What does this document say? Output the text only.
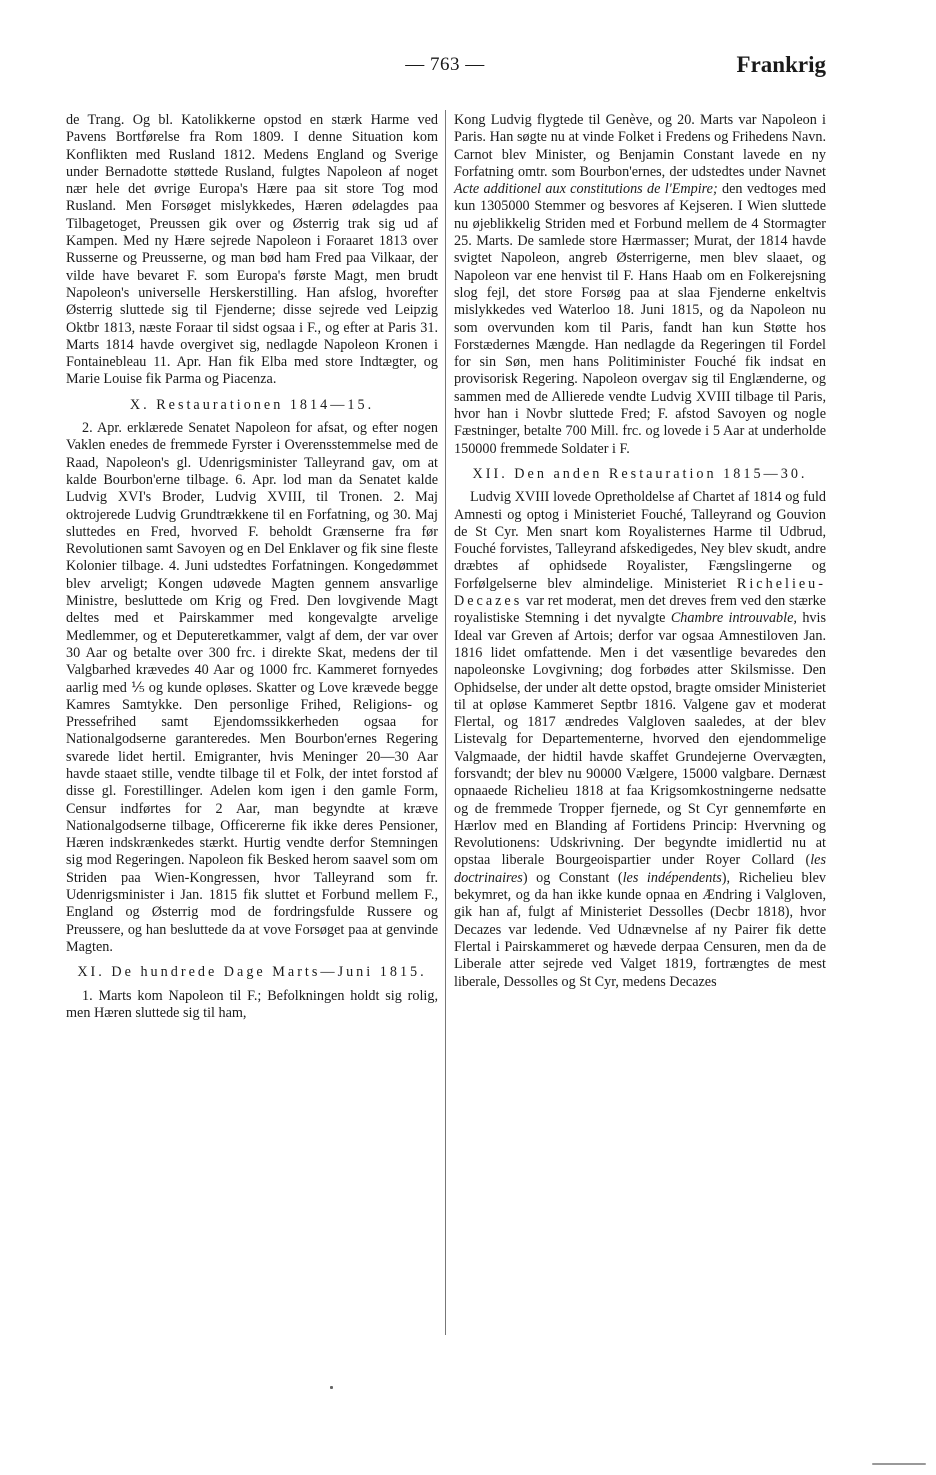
— 763 —	Frankrig

de Trang. Og bl. Katolikkerne opstod en stærk Harme ved Pavens Bortførelse fra Rom 1809. I denne Situation kom Konflikten med Rusland 1812. Medens England og Sverige under Bernadotte støttede Rusland, fulgtes Napoleon af noget nær hele det øvrige Europa's Hære paa sit store Tog mod Rusland. Men Forsøget mislykkedes, Hæren ødelagdes paa Tilbagetoget, Preussen gik over og Østerrig trak sig ud af Kampen. Med ny Hære sejrede Napoleon i Foraaret 1813 over Russerne og Preusserne, og man bød ham Fred paa Vilkaar, der vilde have bevaret F. som Europa's første Magt, men brudt Napoleon's universelle Herskerstilling. Han afslog, hvorefter Østerrig sluttede sig til Fjenderne; disse sejrede ved Leipzig Oktbr 1813, næste Foraar til sidst ogsaa i F., og efter at Paris 31. Marts 1814 havde overgivet sig, nedlagde Napoleon Kronen i Fontainebleau 11. Apr. Han fik Elba med store Indtægter, og Marie Louise fik Parma og Piacenza.

X. Restaurationen 1814—15.

2. Apr. erklærede Senatet Napoleon for afsat, og efter nogen Vaklen enedes de fremmede Fyrster i Overensstemmelse med de Raad, Napoleon's gl. Udenrigsminister Talleyrand gav, om at kalde Bourbon'erne tilbage. 6. Apr. lod man da Senatet kalde Ludvig XVI's Broder, Ludvig XVIII, til Tronen. 2. Maj oktrojerede Ludvig Grundtrækkene til en Forfatning, og 30. Maj sluttedes en Fred, hvorved F. beholdt Grænserne fra før Revolutionen samt Savoyen og en Del Enklaver og fik sine fleste Kolonier tilbage. 4. Juni udstedtes Forfatningen. Kongedømmet blev arveligt; Kongen udøvede Magten gennem ansvarlige Ministre, besluttede om Krig og Fred. Den lovgivende Magt deltes med et Pairskammer med kongevalgte arvelige Medlemmer, og et Deputeretkammer, valgt af dem, der var over 30 Aar og betalte over 300 frc. i direkte Skat, medens der til Valgbarhed krævedes 40 Aar og 1000 frc. Kammeret fornyedes aarlig med ⅕ og kunde opløses. Skatter og Love krævede begge Kamres Samtykke. Den personlige Frihed, Religions- og Pressefrihed samt Ejendomssikkerheden ogsaa for Nationalgodserne garanteredes. Men Bourbon'ernes Regering svarede lidet hertil. Emigranter, hvis Meninger 20—30 Aar havde staaet stille, vendte tilbage til et Folk, der intet forstod af disse gl. Forestillinger. Adelen kom igen i den gamle Form, Censur indførtes for 2 Aar, man begyndte at kræve Nationalgodserne tilbage, Officererne fik ikke deres Pensioner, Hæren indskrænkedes stærkt. Hurtig vendte derfor Stemningen sig mod Regeringen. Napoleon fik Besked herom saavel som om Striden paa Wien-Kongressen, hvor Talleyrand som fr. Udenrigsminister i Jan. 1815 fik sluttet et Forbund mellem F., England og Østerrig mod de fordringsfulde Russere og Preussere, og han besluttede da at vove Forsøget paa at genvinde Magten.

XI. De hundrede Dage Marts—Juni 1815.

1. Marts kom Napoleon til F.; Befolkningen holdt sig rolig, men Hæren sluttede sig til ham,

Kong Ludvig flygtede til Genève, og 20. Marts var Napoleon i Paris. Han søgte nu at vinde Folket i Fredens og Frihedens Navn. Carnot blev Minister, og Benjamin Constant lavede en ny Forfatning omtr. som Bourbon'ernes, der udstedtes under Navnet Acte additionel aux constitutions de l'Empire; den vedtoges med kun 1305000 Stemmer og besvores af Kejseren. I Wien sluttede nu øjeblikkelig Striden med et Forbund mellem de 4 Stormagter 25. Marts. De samlede store Hærmasser; Murat, der 1814 havde svigtet Napoleon, angreb Østerrigerne, men blev slaaet, og Napoleon var ene henvist til F. Hans Haab om en Folkerejsning slog fejl, det store Forsøg paa at slaa Fjenderne enkeltvis mislykkedes ved Waterloo 18. Juni 1815, og da Napoleon nu som overvunden kom til Paris, fandt han kun Støtte hos Forstædernes Mængde. Han nedlagde da Regeringen til Fordel for sin Søn, men hans Politiminister Fouché fik indsat en provisorisk Regering. Napoleon overgav sig til Englænderne, og sammen med de Allierede vendte Ludvig XVIII tilbage til Paris, hvor han i Novbr sluttede Fred; F. afstod Savoyen og nogle Fæstninger, betalte 700 Mill. frc. og lovede i 5 Aar at underholde 150000 fremmede Soldater i F.

XII. Den anden Restauration 1815—30.

Ludvig XVIII lovede Opretholdelse af Chartet af 1814 og fuld Amnesti og optog i Ministeriet Fouché, Talleyrand og Gouvion de St Cyr. Men snart kom Royalisternes Harme til Udbrud, Fouché forvistes, Talleyrand afskedigedes, Ney blev skudt, andre dræbtes af ophidsede Royalister, Fængslingerne og Forfølgelserne blev almindelige. Ministeriet Richelieu-Decazes var ret moderat, men det dreves frem ved den stærke royalistiske Stemning i det nyvalgte Chambre introuvable, hvis Ideal var Greven af Artois; derfor var ogsaa Amnestiloven Jan. 1816 lidet omfattende. Men i det væsentlige bevaredes den napoleonske Lovgivning; dog forbødes atter Skilsmisse. Den Ophidselse, der under alt dette opstod, bragte omsider Ministeriet til at opløse Kammeret Septbr 1816. Valgene gav et moderat Flertal, og 1817 ændredes Valgloven saaledes, at der blev Listevalg for Departementerne, hvorved den ejendommelige Valgmaade, der hidtil havde skaffet Grundejerne Overvægten, forsvandt; der blev nu 90000 Vælgere, 15000 valgbare. Dernæst opnaaede Richelieu 1818 at faa Krigsomkostningerne nedsatte og de fremmede Tropper fjernede, og St Cyr gennemførte en Hærlov med en Blanding af Fortidens Princip: Hvervning og Revolutionens: Udskrivning. Der begyndte imidlertid nu at opstaa liberale Bourgeoispartier under Royer Collard (les doctrinaires) og Constant (les indépendents), Richelieu blev bekymret, og da han ikke kunde opnaa en Ændring i Valgloven, gik han af, fulgt af Ministeriet Dessolles (Decbr 1818), hvor Decazes var ledende. Ved Udnævnelse af ny Pairer fik dette Flertal i Pairskammeret og hævede derpaa Censuren, men da de Liberale atter sejrede ved Valget 1819, fortrængtes de mest liberale, Dessolles og St Cyr, medens Decazes
